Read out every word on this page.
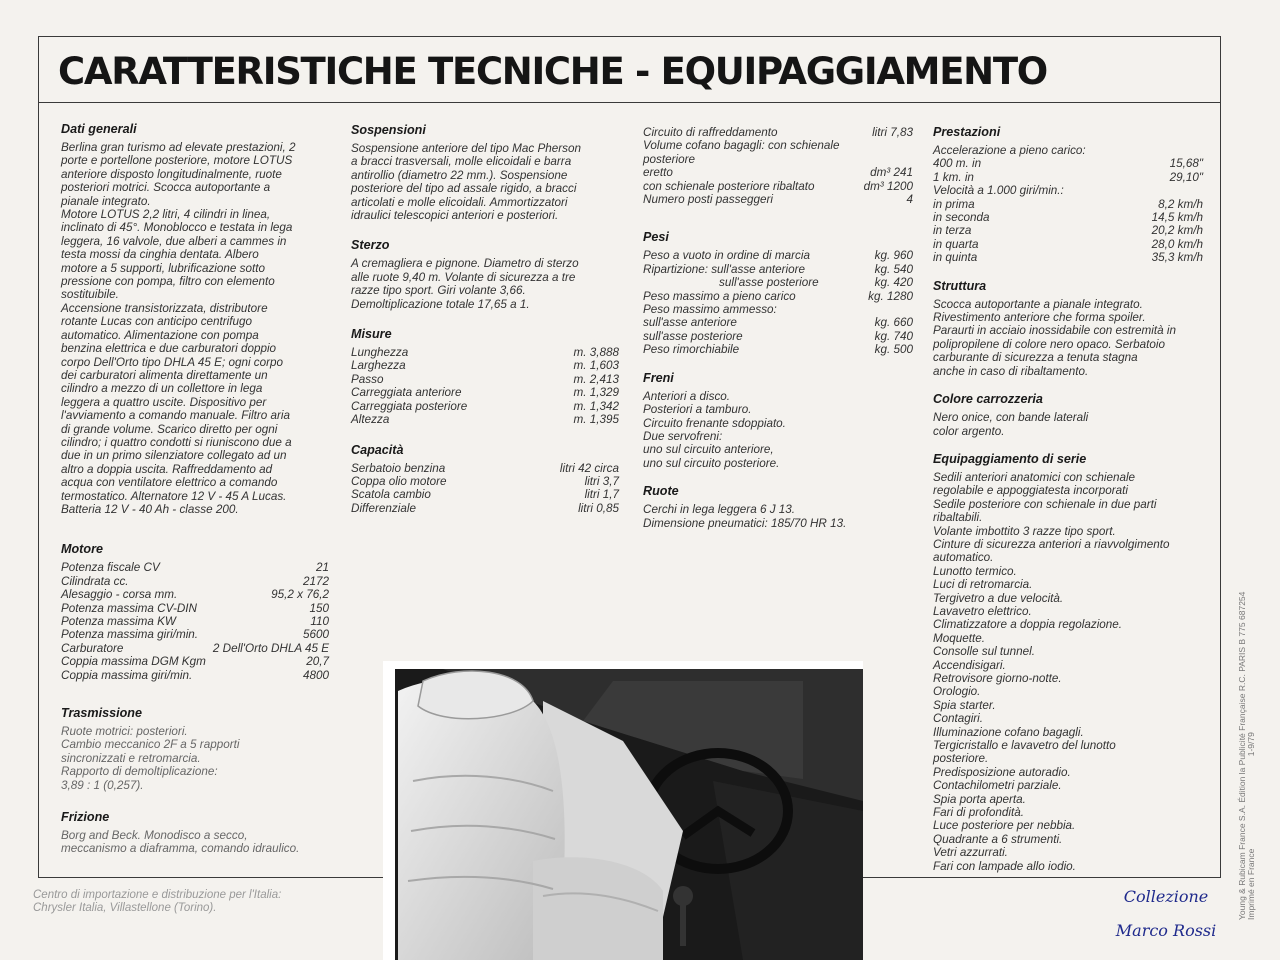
CARATTERISTICHE TECNICHE - EQUIPAGGIAMENTO
Dati generali

Berlina gran turismo ad elevate prestazioni, 2
porte e portellone posteriore, motore LOTUS
anteriore disposto longitudinalmente, ruote
posteriori motrici. Scocca autoportante a
pianale integrato.
Motore LOTUS 2,2 litri, 4 cilindri in linea,
inclinato di 45°. Monoblocco e testata in lega
leggera, 16 valvole, due alberi a cammes in
testa mossi da cinghia dentata. Albero
motore a 5 supporti, lubrificazione sotto
pressione con pompa, filtro con elemento
sostituibile.
Accensione transistorizzata, distributore
rotante Lucas con anticipo centrifugo
automatico. Alimentazione con pompa
benzina elettrica e due carburatori doppio
corpo Dell'Orto tipo DHLA 45 E; ogni corpo
dei carburatori alimenta direttamente un
cilindro a mezzo di un collettore in lega
leggera a quattro uscite. Dispositivo per
l'avviamento a comando manuale. Filtro aria
di grande volume. Scarico diretto per ogni
cilindro; i quattro condotti si riuniscono due a
due in un primo silenziatore collegato ad un
altro a doppia uscita. Raffreddamento ad
acqua con ventilatore elettrico a comando
termostatico. Alternatore 12 V - 45 A Lucas.
Batteria 12 V - 40 Ah - classe 200.

Motore
Potenza fiscale CV	21
Cilindrata cc.	2172
Alesaggio - corsa mm.	95,2 x 76,2
Potenza massima CV-DIN	150
Potenza massima KW	110
Potenza massima giri/min.	5600
Carburatore	2 Dell'Orto DHLA 45 E
Coppia massima DGM Kgm	20,7
Coppia massima giri/min.	4800
Trasmissione

Ruote motrici: posteriori.
Cambio meccanico 2F a 5 rapporti
sincronizzati e retromarcia.
Rapporto di demoltiplicazione:
3,89 : 1 (0,257).

Frizione

Borg and Beck. Monodisco a secco,
meccanismo a diaframma, comando idraulico.

Sospensioni

Sospensione anteriore del tipo Mac Pherson
a bracci trasversali, molle elicoidali e barra
antirollio (diametro 22 mm.). Sospensione
posteriore del tipo ad assale rigido, a bracci
articolati e molle elicoidali. Ammortizzatori
idraulici telescopici anteriori e posteriori.

Sterzo

A cremagliera e pignone. Diametro di sterzo
alle ruote 9,40 m. Volante di sicurezza a tre
razze tipo sport. Giri volante 3,66.
Demoltiplicazione totale 17,65 a 1.

Misure
Lunghezza	m. 3,888
Larghezza	m. 1,603
Passo	m. 2,413
Carreggiata anteriore	m. 1,329
Carreggiata posteriore	m. 1,342
Altezza	m. 1,395
Capacità
Serbatoio benzina	litri 42 circa
Coppa olio motore	litri 3,7
Scatola cambio	litri 1,7
Differenziale	litri 0,85
Circuito di raffreddamento	litri 7,83
Volume cofano bagagli: con schienale
posteriore
eretto	dm³ 241
con schienale posteriore ribaltato	dm³ 1200
Numero posti passeggeri	4
Pesi
Peso a vuoto in ordine di marcia	kg. 960
Ripartizione: sull'asse anteriore	kg. 540
sull'asse posteriore	kg. 420
Peso massimo a pieno carico	kg. 1280
Peso massimo ammesso:
sull'asse anteriore	kg. 660
sull'asse posteriore	kg. 740
Peso rimorchiabile	kg. 500
Freni

Anteriori a disco.
Posteriori a tamburo.
Circuito frenante sdoppiato.
Due servofreni:
uno sul circuito anteriore,
uno sul circuito posteriore.

Ruote

Cerchi in lega leggera 6 J 13.
Dimensione pneumatici: 185/70 HR 13.

Prestazioni
Accelerazione a pieno carico:
400 m. in	15,68"
1 km. in	29,10"
Velocità a 1.000 giri/min.:
in prima	8,2 km/h
in seconda	14,5 km/h
in terza	20,2 km/h
in quarta	28,0 km/h
in quinta	35,3 km/h
Struttura

Scocca autoportante a pianale integrato.
Rivestimento anteriore che forma spoiler.
Paraurti in acciaio inossidabile con estremità in
polipropilene di colore nero opaco. Serbatoio
carburante di sicurezza a tenuta stagna
anche in caso di ribaltamento.

Colore carrozzeria

Nero onice, con bande laterali
color argento.

Equipaggiamento di serie

Sedili anteriori anatomici con schienale
regolabile e appoggiatesta incorporati
Sedile posteriore con schienale in due parti
ribaltabili.
Volante imbottito 3 razze tipo sport.
Cinture di sicurezza anteriori a riavvolgimento
automatico.
Lunotto termico.
Luci di retromarcia.
Tergivetro a due velocità.
Lavavetro elettrico.
Climatizzatore a doppia regolazione.
Moquette.
Consolle sul tunnel.
Accendisigari.
Retrovisore giorno-notte.
Orologio.
Spia starter.
Contagiri.
Illuminazione cofano bagagli.
Tergicristallo e lavavetro del lunotto
posteriore.
Predisposizione autoradio.
Contachilometri parziale.
Spia porta aperta.
Fari di profondità.
Luce posteriore per nebbia.
Quadrante a 6 strumenti.
Vetri azzurrati.
Fari con lampade allo iodio.

Centro di importazione e distribuzione per l'Italia:
Chrysler Italia, Villastellone (Torino).	Young & Rubicam France S.A. Édition la Publicité Française R.C. PARIS B 775 687254
Imprimé en France 1-9/79
Collezione
Marco Rossi
